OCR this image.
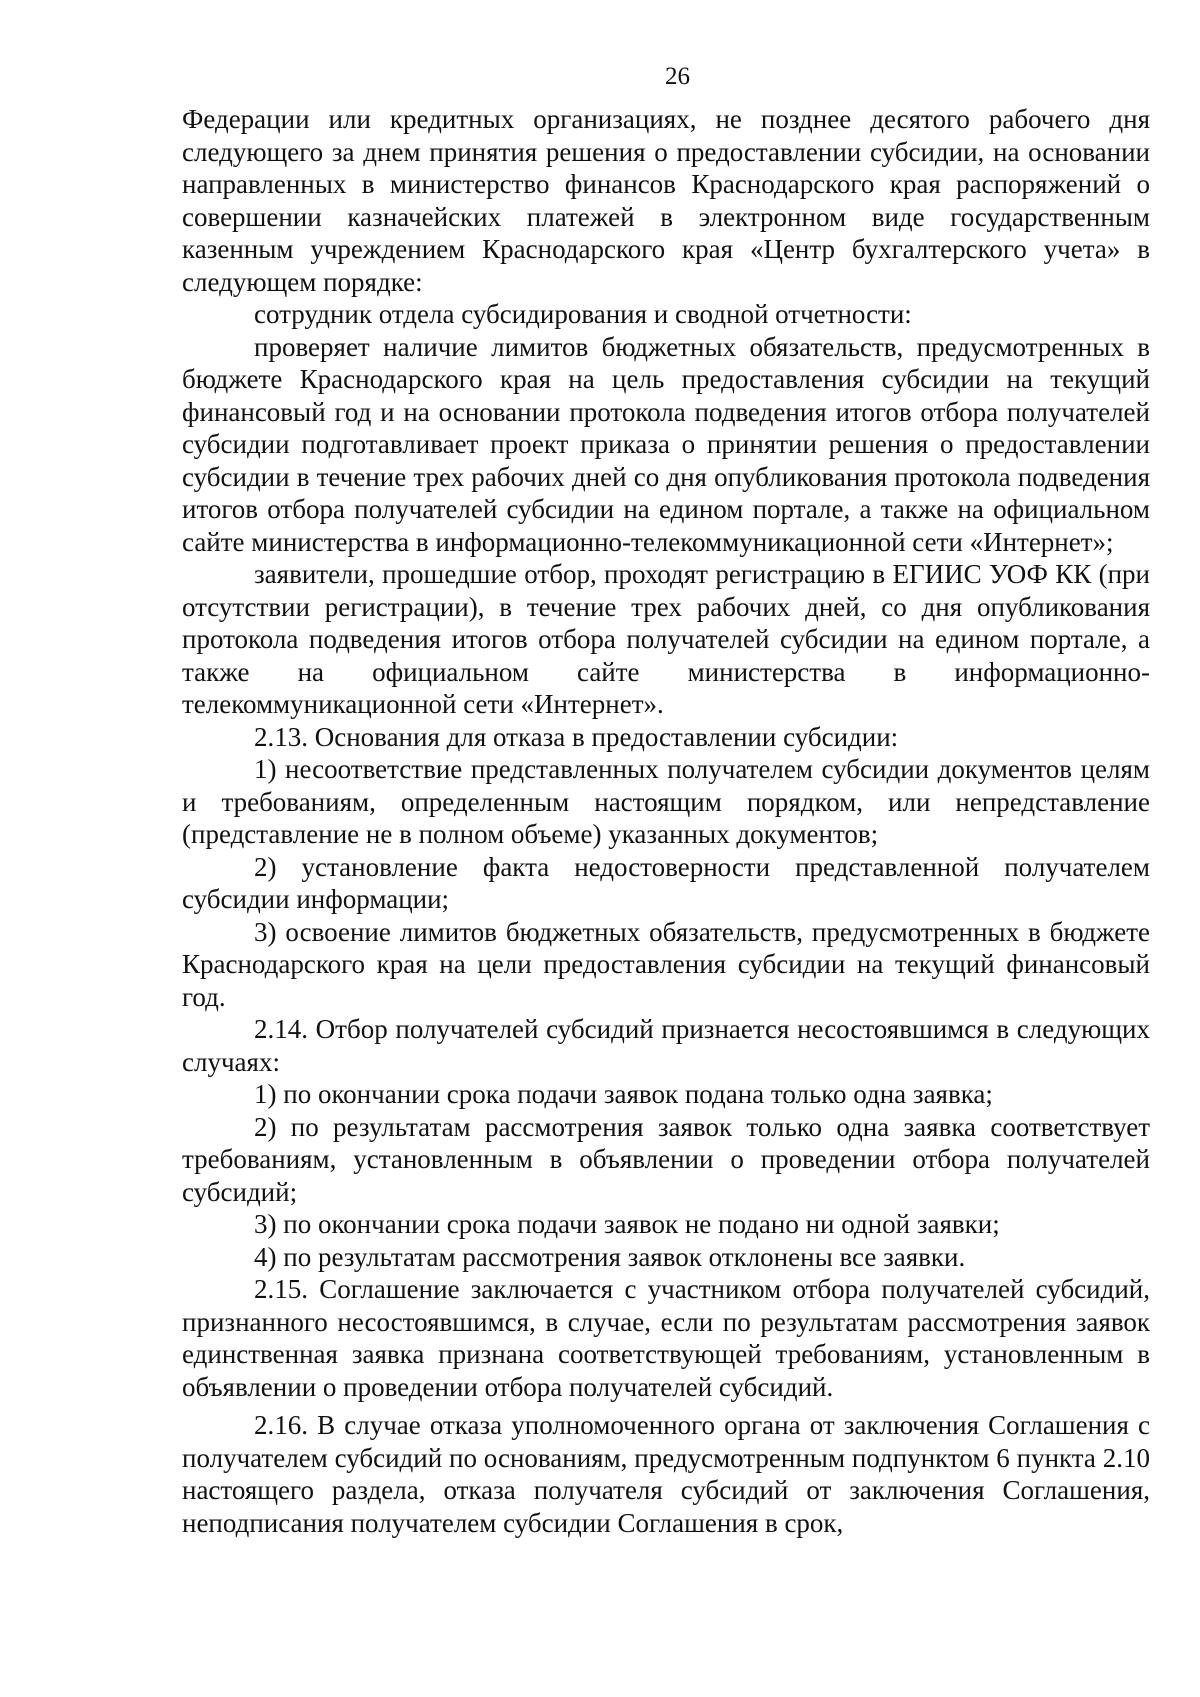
26

Федерации или кредитных организациях, не позднее десятого рабочего дня следующего за днем принятия решения о предоставлении субсидии, на основании направленных в министерство финансов Краснодарского края распоряжений о совершении казначейских платежей в электронном виде государственным казенным учреждением Краснодарского края «Центр бухгалтерского учета» в следующем порядке:

сотрудник отдела субсидирования и сводной отчетности:

проверяет наличие лимитов бюджетных обязательств, предусмотренных в бюджете Краснодарского края на цель предоставления субсидии на текущий финансовый год и на основании протокола подведения итогов отбора получателей субсидии подготавливает проект приказа о принятии решения о предоставлении субсидии в течение трех рабочих дней со дня опубликования протокола подведения итогов отбора получателей субсидии на едином портале, а также на официальном сайте министерства в информационно-телекоммуникационной сети «Интернет»;

заявители, прошедшие отбор, проходят регистрацию в ЕГИИС УОФ КК (при отсутствии регистрации), в течение трех рабочих дней, со дня опубликования протокола подведения итогов отбора получателей субсидии на едином портале, а также на официальном сайте министерства в информационно-телекоммуникационной сети «Интернет».

2.13. Основания для отказа в предоставлении субсидии:

1) несоответствие представленных получателем субсидии документов целям и требованиям, определенным настоящим порядком, или непредставление (представление не в полном объеме) указанных документов;

2) установление факта недостоверности представленной получателем субсидии информации;

3) освоение лимитов бюджетных обязательств, предусмотренных в бюджете Краснодарского края на цели предоставления субсидии на текущий финансовый год.

2.14. Отбор получателей субсидий признается несостоявшимся в следующих случаях:

1) по окончании срока подачи заявок подана только одна заявка;

2) по результатам рассмотрения заявок только одна заявка соответствует требованиям, установленным в объявлении о проведении отбора получателей субсидий;

3) по окончании срока подачи заявок не подано ни одной заявки;

4) по результатам рассмотрения заявок отклонены все заявки.

2.15. Соглашение заключается с участником отбора получателей субсидий, признанного несостоявшимся, в случае, если по результатам рассмотрения заявок единственная заявка признана соответствующей требованиям, установленным в объявлении о проведении отбора получателей субсидий.

2.16. В случае отказа уполномоченного органа от заключения Соглашения с получателем субсидий по основаниям, предусмотренным подпунктом 6 пункта 2.10 настоящего раздела, отказа получателя субсидий от заключения Соглашения, неподписания получателем субсидии Соглашения в срок,
